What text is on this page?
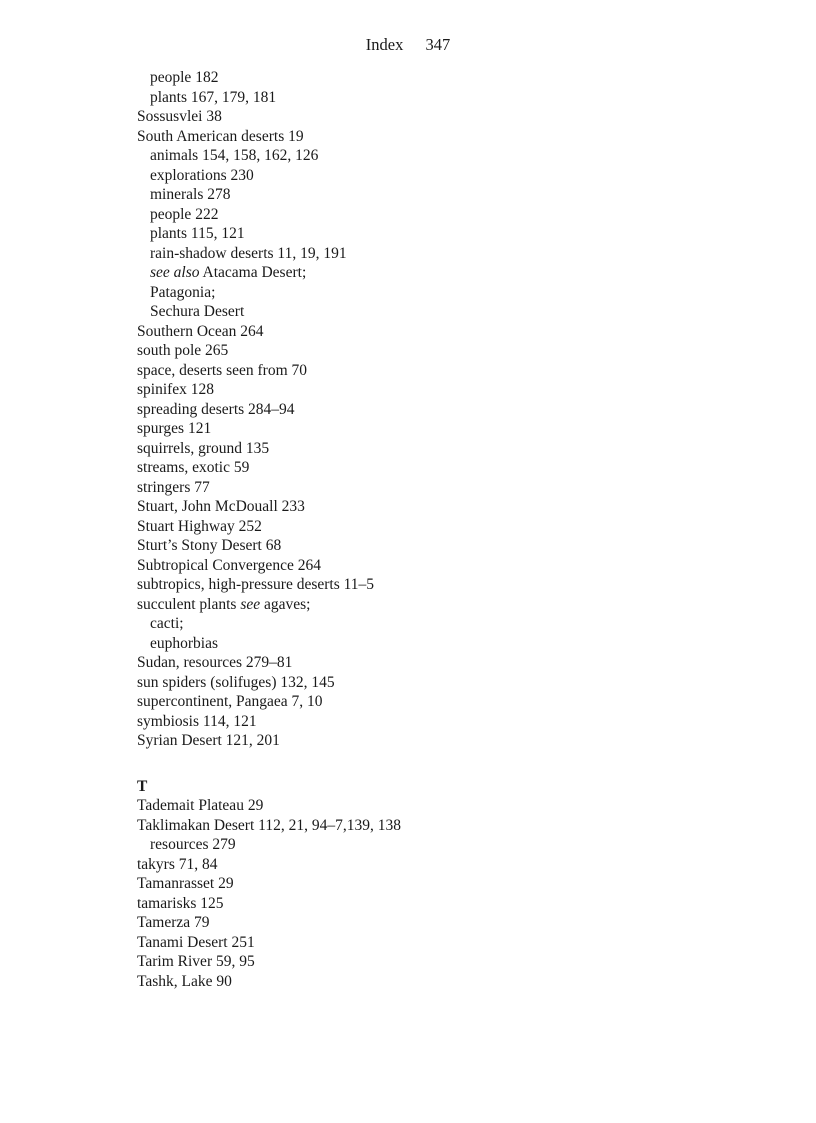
Index 347
people 182
plants 167, 179, 181
Sossusvlei 38
South American deserts 19
animals 154, 158, 162, 126
explorations 230
minerals 278
people 222
plants 115, 121
rain-shadow deserts 11, 19, 191
see also Atacama Desert;
Patagonia;
Sechura Desert
Southern Ocean 264
south pole 265
space, deserts seen from 70
spinifex 128
spreading deserts 284–94
spurges 121
squirrels, ground 135
streams, exotic 59
stringers 77
Stuart, John McDouall 233
Stuart Highway 252
Sturt’s Stony Desert 68
Subtropical Convergence 264
subtropics, high-pressure deserts 11–5
succulent plants see agaves;
cacti;
euphorbias
Sudan, resources 279–81
sun spiders (solifuges) 132, 145
supercontinent, Pangaea 7, 10
symbiosis 114, 121
Syrian Desert 121, 201
T
Tademait Plateau 29
Taklimakan Desert 112, 21, 94–7,139, 138
resources 279
takyrs 71, 84
Tamanrasset 29
tamarisks 125
Tamerza 79
Tanami Desert 251
Tarim River 59, 95
Tashk, Lake 90
